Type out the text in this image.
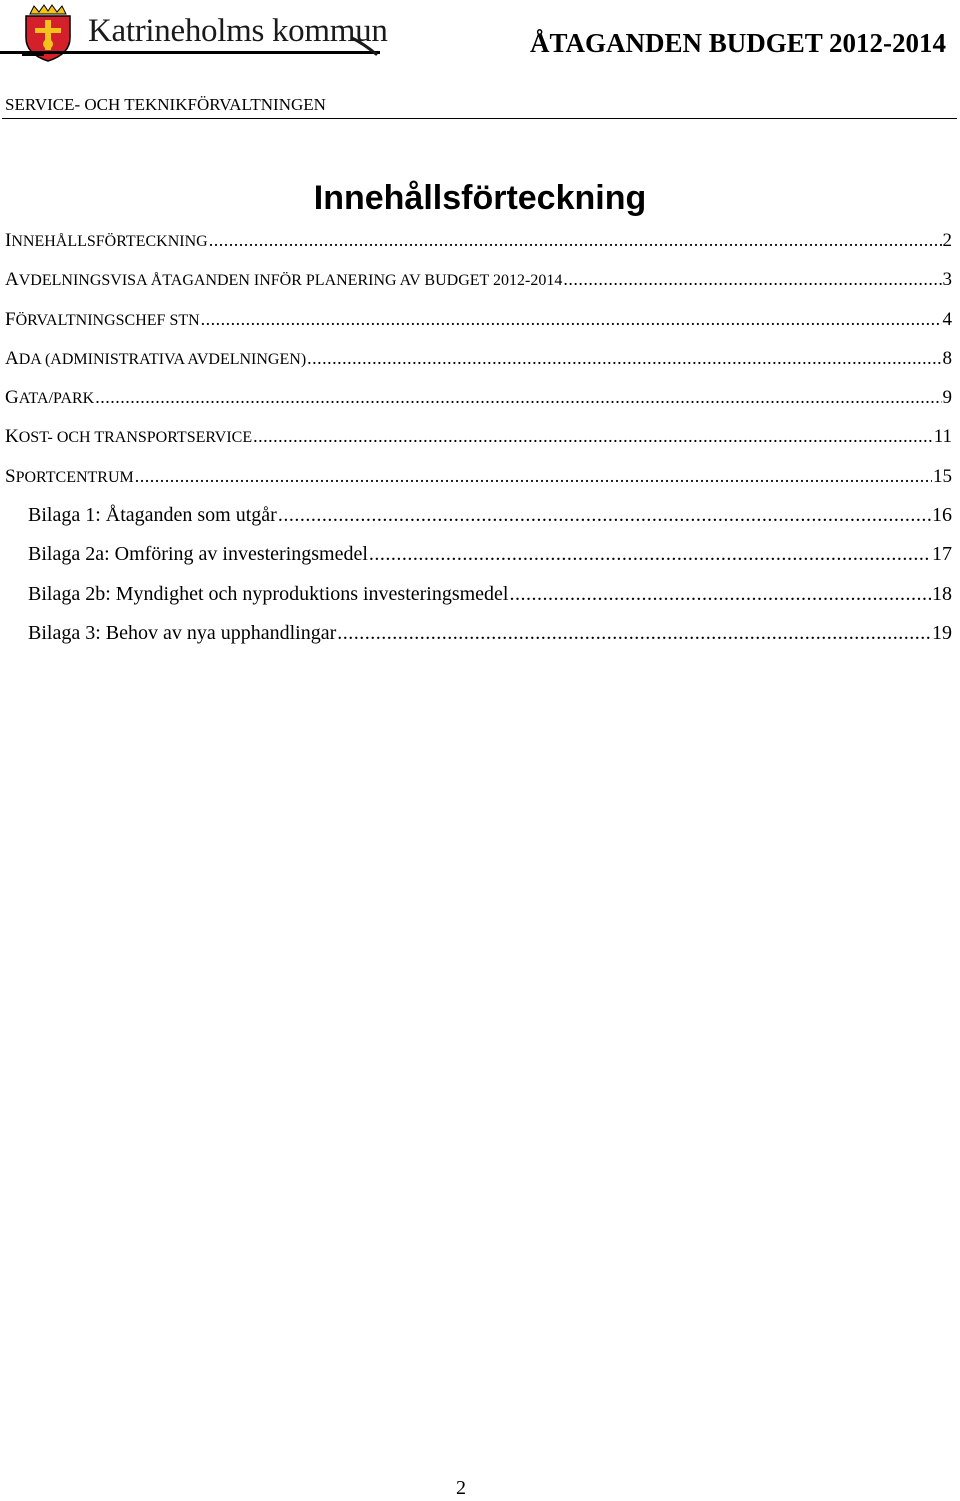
Katrineholms kommun	ÅTAGANDEN BUDGET 2012-2014
SERVICE- OCH TEKNIKFÖRVALTNINGEN
Innehållsförteckning
INNEHÅLLSFÖRTECKNING .....	2
AVDELNINGSVISA ÅTAGANDEN INFÖR PLANERING AV BUDGET 2012-2014 .....	3
FÖRVALTNINGSCHEF STN .....	4
ADA (ADMINISTRATIVA AVDELNINGEN) .....	8
GATA/PARK .....	9
KOST- OCH TRANSPORTSERVICE .....	11
SPORTCENTRUM .....	15
Bilaga 1: Åtaganden som utgår .....	16
Bilaga 2a: Omföring av investeringsmedel .....	17
Bilaga 2b: Myndighet och nyproduktions investeringsmedel .....	18
Bilaga 3: Behov av nya upphandlingar .....	19
2
